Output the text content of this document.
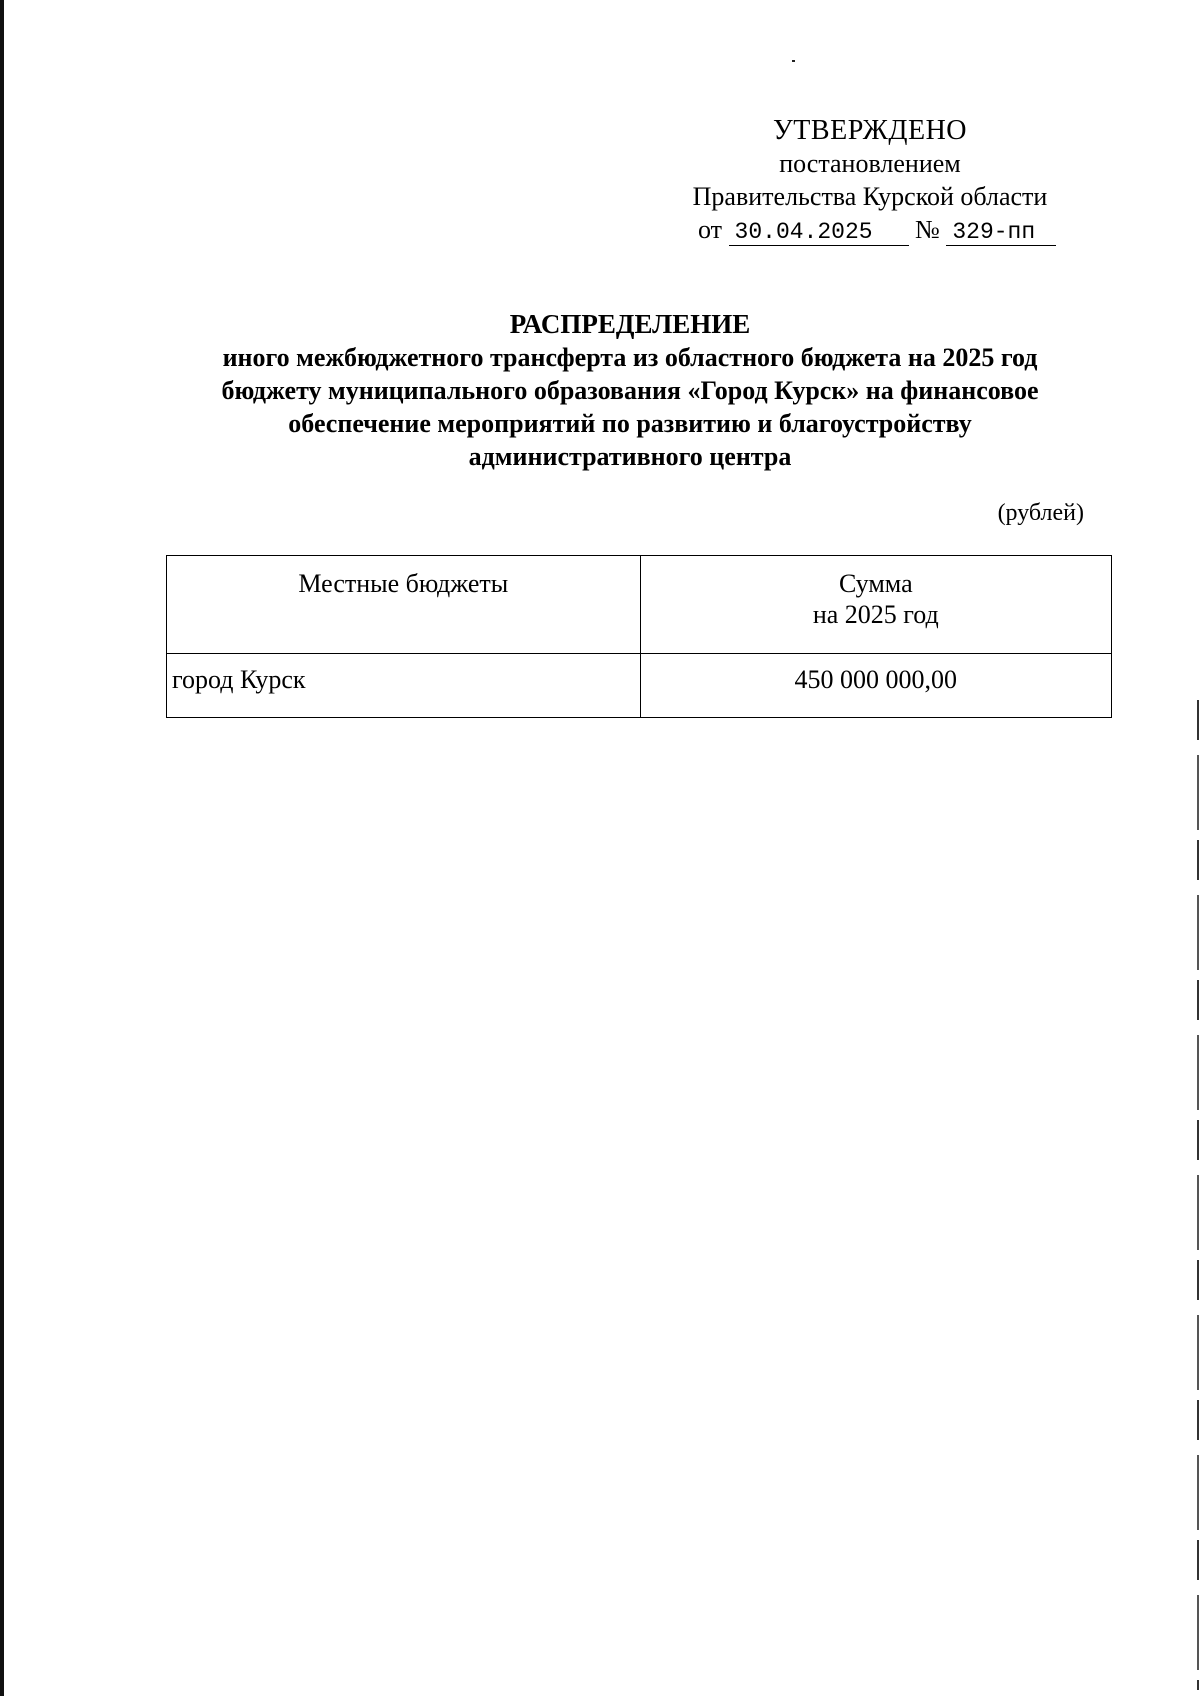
УТВЕРЖДЕНО
постановлением
Правительства Курской области
от 30.04.2025 № 329-пп
РАСПРЕДЕЛЕНИЕ
иного межбюджетного трансферта из областного бюджета на 2025 год
бюджету муниципального образования «Город Курск» на финансовое
обеспечение мероприятий по развитию и благоустройству
административного центра
(рублей)
Местные бюджеты	Сумма
на 2025 год

город Курск	450 000 000,00
